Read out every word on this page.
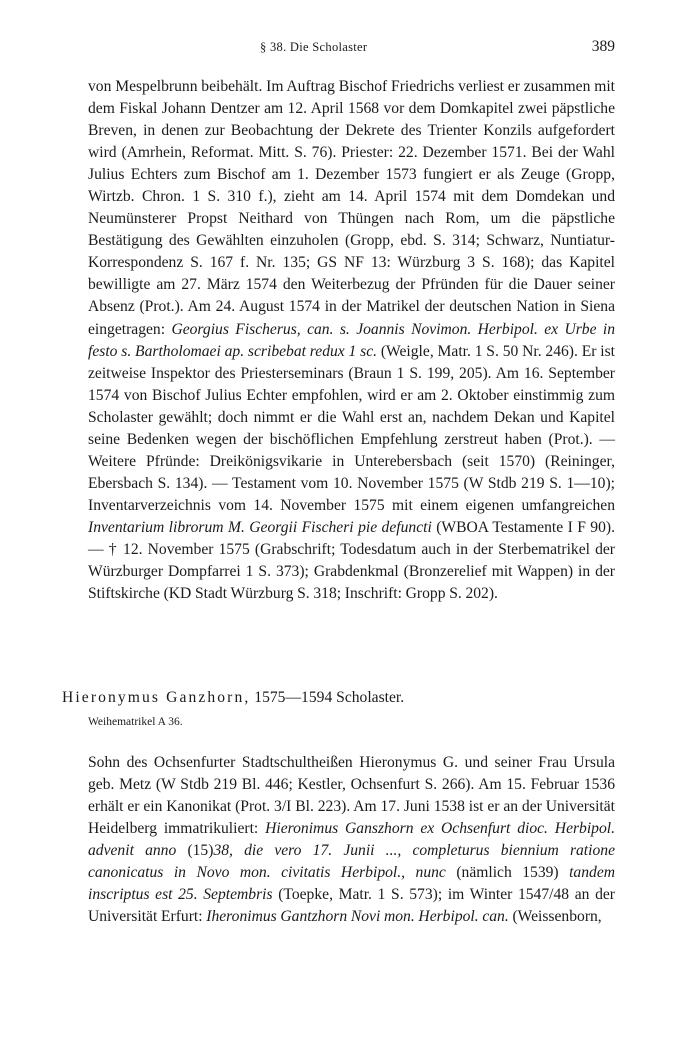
§ 38. Die Scholaster	389

von Mespelbrunn beibehält. Im Auftrag Bischof Friedrichs verliest er zusammen mit dem Fiskal Johann Dentzer am 12. April 1568 vor dem Domkapitel zwei päpstliche Breven, in denen zur Beobachtung der Dekrete des Trienter Konzils aufgefordert wird (Amrhein, Reformat. Mitt. S. 76). Priester: 22. Dezember 1571. Bei der Wahl Julius Echters zum Bischof am 1. Dezember 1573 fungiert er als Zeuge (Gropp, Wirtzb. Chron. 1 S. 310 f.), zieht am 14. April 1574 mit dem Domdekan und Neumünsterer Propst Neithard von Thüngen nach Rom, um die päpstliche Bestätigung des Gewählten einzuholen (Gropp, ebd. S. 314; Schwarz, Nuntiatur-Korrespondenz S. 167 f. Nr. 135; GS NF 13: Würzburg 3 S. 168); das Kapitel bewilligte am 27. März 1574 den Weiterbezug der Pfründen für die Dauer seiner Absenz (Prot.). Am 24. August 1574 in der Matrikel der deutschen Nation in Siena eingetragen: Georgius Fischerus, can. s. Joannis Novimon. Herbipol. ex Urbe in festo s. Bartholomaei ap. scribebat redux 1 sc. (Weigle, Matr. 1 S. 50 Nr. 246). Er ist zeitweise Inspektor des Priesterseminars (Braun 1 S. 199, 205). Am 16. September 1574 von Bischof Julius Echter empfohlen, wird er am 2. Oktober einstimmig zum Scholaster gewählt; doch nimmt er die Wahl erst an, nachdem Dekan und Kapitel seine Bedenken wegen der bischöflichen Empfehlung zerstreut haben (Prot.). — Weitere Pfründe: Dreikönigsvikarie in Unterebersbach (seit 1570) (Reininger, Ebersbach S. 134). — Testament vom 10. November 1575 (W Stdb 219 S. 1—10); Inventarverzeichnis vom 14. November 1575 mit einem eigenen umfangreichen Inventarium librorum M. Georgii Fischeri pie defuncti (WBOA Testamente I F 90). — † 12. November 1575 (Grabschrift; Todesdatum auch in der Sterbematrikel der Würzburger Dompfarrei 1 S. 373); Grabdenkmal (Bronzerelief mit Wappen) in der Stiftskirche (KD Stadt Würzburg S. 318; Inschrift: Gropp S. 202).

Hieronymus Ganzhorn, 1575—1594 Scholaster.
Weihematrikel A 36.

Sohn des Ochsenfurter Stadtschultheißen Hieronymus G. und seiner Frau Ursula geb. Metz (W Stdb 219 Bl. 446; Kestler, Ochsenfurt S. 266). Am 15. Februar 1536 erhält er ein Kanonikat (Prot. 3/I Bl. 223). Am 17. Juni 1538 ist er an der Universität Heidelberg immatrikuliert: Hieronimus Ganszhorn ex Ochsenfurt dioc. Herbipol. advenit anno (15)38, die vero 17. Junii ..., completurus biennium ratione canonicatus in Novo mon. civitatis Herbipol., nunc (nämlich 1539) tandem inscriptus est 25. Septembris (Toepke, Matr. 1 S. 573); im Winter 1547/48 an der Universität Erfurt: Iheronimus Gantzhorn Novi mon. Herbipol. can. (Weissenborn,
